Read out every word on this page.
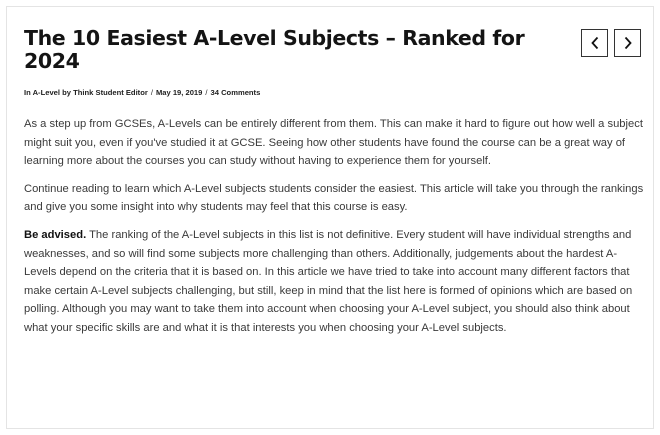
The 10 Easiest A-Level Subjects – Ranked for 2024
In A-Level by Think Student Editor / May 19, 2019 / 34 Comments

As a step up from GCSEs, A-Levels can be entirely different from them. This can make it hard to figure out how well a subject might suit you, even if you've studied it at GCSE. Seeing how other students have found the course can be a great way of learning more about the courses you can study without having to experience them for yourself.

Continue reading to learn which A-Level subjects students consider the easiest. This article will take you through the rankings and give you some insight into why students may feel that this course is easy.

Be advised. The ranking of the A-Level subjects in this list is not definitive. Every student will have individual strengths and weaknesses, and so will find some subjects more challenging than others. Additionally, judgements about the hardest A-Levels depend on the criteria that it is based on. In this article we have tried to take into account many different factors that make certain A-Level subjects challenging, but still, keep in mind that the list here is formed of opinions which are based on polling. Although you may want to take them into account when choosing your A-Level subject, you should also think about what your specific skills are and what it is that interests you when choosing your A-Level subjects.
